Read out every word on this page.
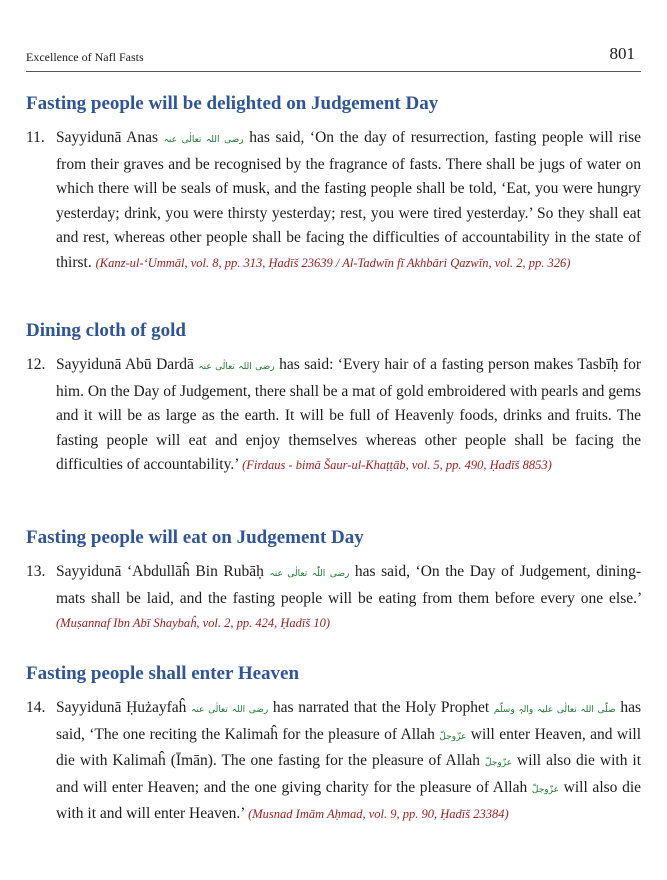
Excellence of Nafl Fasts	801
Fasting people will be delighted on Judgement Day

11. Sayyidunā Anas رضی اللہ تعالٰی عنہ has said, ‘On the day of resurrection, fasting people will rise from their graves and be recognised by the fragrance of fasts. There shall be jugs of water on which there will be seals of musk, and the fasting people shall be told, ‘Eat, you were hungry yesterday; drink, you were thirsty yesterday; rest, you were tired yesterday.’ So they shall eat and rest, whereas other people shall be facing the difficulties of accountability in the state of thirst. (Kanz-ul-‘Ummāl, vol. 8, pp. 313, Ḥadīš 23639 / Al-Tadwīn fī Akhbāri Qazwīn, vol. 2, pp. 326)

Dining cloth of gold

12. Sayyidunā Abū Dardā رضی اللہ تعالٰی عنہ has said: ‘Every hair of a fasting person makes Tasbīḥ for him. On the Day of Judgement, there shall be a mat of gold embroidered with pearls and gems and it will be as large as the earth. It will be full of Heavenly foods, drinks and fruits. The fasting people will eat and enjoy themselves whereas other people shall be facing the difficulties of accountability.’ (Firdaus - bimā Šaur-ul-Khaṭṭāb, vol. 5, pp. 490, Ḥadīš 8853)

Fasting people will eat on Judgement Day

13. Sayyidunā ‘Abdullāĥ Bin Rubāḥ رضی اللّٰہ تعالٰی عنہ has said, ‘On the Day of Judgement, dining-mats shall be laid, and the fasting people will be eating from them before every one else.’ (Muṣannaf Ibn Abī Shaybaĥ, vol. 2, pp. 424, Ḥadīš 10)

Fasting people shall enter Heaven

14. Sayyidunā Ḥużayfaĥ رضی اللہ تعالٰی عنہ has narrated that the Holy Prophet صلّی اللہ تعالٰی علیہ والہٖ وسلّم has said, ‘The one reciting the Kalimaĥ for the pleasure of Allah عزّوجلّ will enter Heaven, and will die with Kalimaĥ (Īmān). The one fasting for the pleasure of Allah عزّوجلّ will also die with it and will enter Heaven; and the one giving charity for the pleasure of Allah عزّوجلّ will also die with it and will enter Heaven.’ (Musnad Imām Aḥmad, vol. 9, pp. 90, Ḥadīš 23384)
